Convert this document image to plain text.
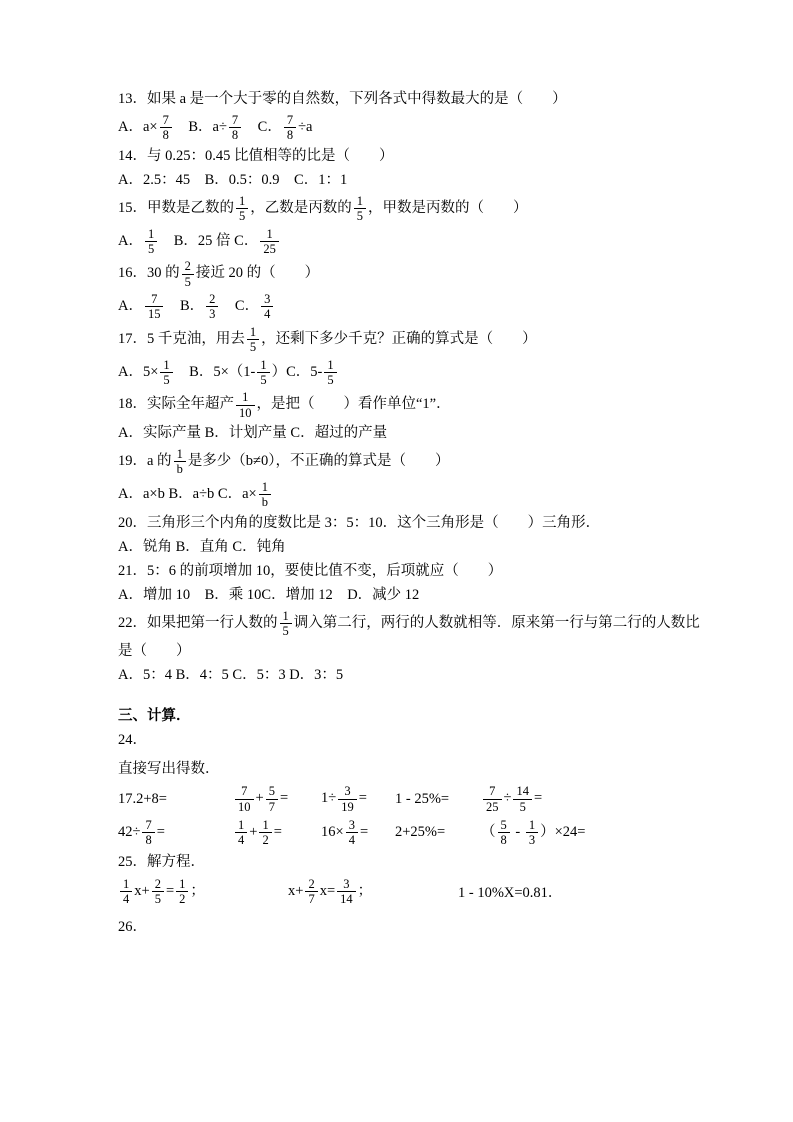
13．如果 a 是一个大于零的自然数，下列各式中得数最大的是（　　）
A．$a\times \frac{7}{8}$ 　B．$a\div \frac{7}{8}$ 　C． $\frac{7}{8} \div a$
14．与 0.25：0.45 比值相等的比是（　　）
A．2.5：45　B．0.5：0.9　C．1：1
15．甲数是乙数的 $\frac{1}{5}$ ，乙数是丙数的 $\frac{1}{5}$ ，甲数是丙数的（　　）
A． $\frac{1}{5}$ 　B．25 倍 C． $\frac{1}{25}$
16．30 的 $\frac{2}{5}$ 接近 20 的（　　）
A． $\frac{7}{15}$ 　B． $\frac{2}{3}$ 　C． $\frac{3}{4}$
17．5 千克油，用去 $\frac{1}{5}$ ，还剩下多少千克？正确的算式是（　　）
A．$5\times \frac{1}{5}$ 　B．$5\times(1- \frac{1}{5} )C$．$5- \frac{1}{5}$
18．实际全年超产 $\frac{1}{10}$ ，是把（　　）看作单位“1”．
A．实际产量 B．计划产量 C．超过的产量
19．a 的 $\frac{1}{b}$ 是多少（b≠0），不正确的算式是（　　）
A．a×b B．a÷b C．$a\times \frac{1}{b}$
20．三角形三个内角的度数比是 3：5：10．这个三角形是（　　）三角形．
A．锐角 B．直角 C．钝角
21．5：6 的前项增加 10，要使比值不变，后项就应（　　）
A．增加 10　B．乘 10C．增加 12　D．减少 12
22．如果把第一行人数的 $\frac{1}{5}$ 调入第二行，两行的人数就相等．原来第一行与第二行的人数比
是（　　）
A．5：4 B．4：5 C．5：3 D．3：5
三、计算．
24．
直接写出得数．
17.2+8=	$\frac{7}{10} + \frac{5}{7}$ =	$1\div \frac{3}{19}$ =	1 - 25%=	$\frac{7}{25} \div \frac{14}{5}$ =
$42\div \frac{7}{8}$ =	$\frac{1}{4} + \frac{1}{2}$ =	$16\times \frac{3}{4}$ =	2+25%=	（ $\frac{5}{8} - \frac{1}{3} )\times 24=$
25．解方程．
$\frac{1}{4} x+ \frac{2}{5} = \frac{1}{2}$ ；	$x+ \frac{2}{7} x= \frac{3}{14}$ ；	1 - 10%X=0.81．
26．
